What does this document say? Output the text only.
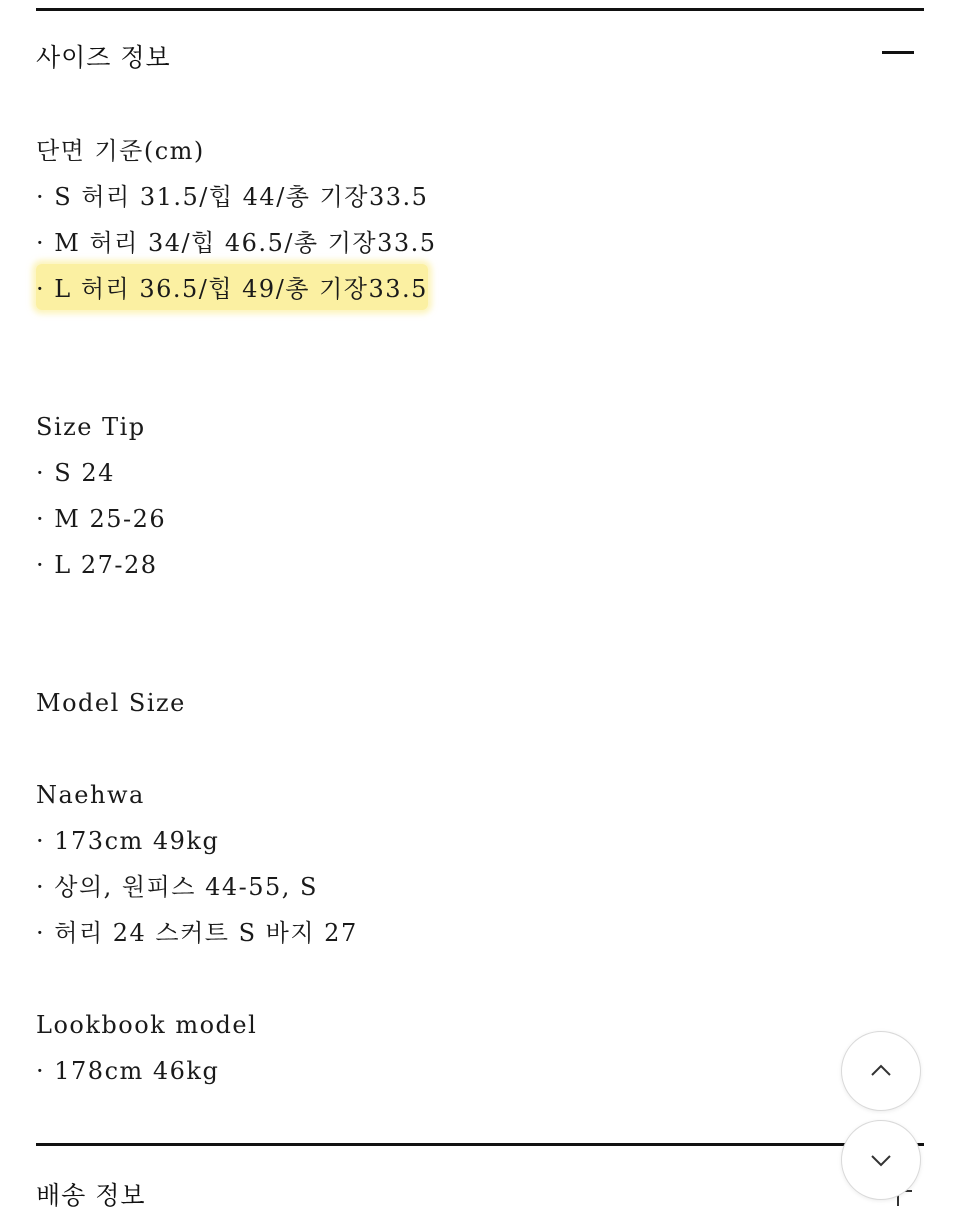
사이즈 정보
단면 기준(cm)
· S 허리 31.5/힙 44/총 기장33.5
· M 허리 34/힙 46.5/총 기장33.5
· L 허리 36.5/힙 49/총 기장33.5
Size Tip
· S 24
· M 25-26
· L 27-28
Model Size
Naehwa
· 173cm 49kg
· 상의, 원피스 44-55, S
· 허리 24 스커트 S 바지 27
Lookbook model
· 178cm 46kg
배송 정보
